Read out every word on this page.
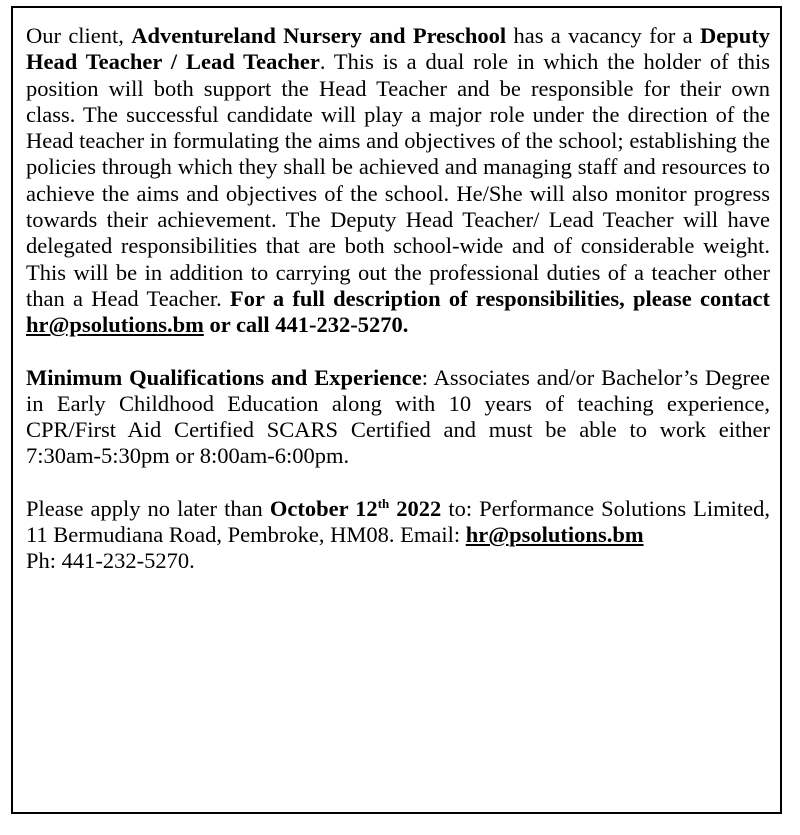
Our client, Adventureland Nursery and Preschool has a vacancy for a Deputy Head Teacher / Lead Teacher. This is a dual role in which the holder of this position will both support the Head Teacher and be responsible for their own class. The successful candidate will play a major role under the direction of the Head teacher in formulating the aims and objectives of the school; establishing the policies through which they shall be achieved and managing staff and resources to achieve the aims and objectives of the school. He/She will also monitor progress towards their achievement. The Deputy Head Teacher/ Lead Teacher will have delegated responsibilities that are both school-wide and of considerable weight. This will be in addition to carrying out the professional duties of a teacher other than a Head Teacher. For a full description of responsibilities, please contact hr@psolutions.bm or call 441-232-5270.

Minimum Qualifications and Experience: Associates and/or Bachelor’s Degree in Early Childhood Education along with 10 years of teaching experience, CPR/First Aid Certified SCARS Certified and must be able to work either 7:30am-5:30pm or 8:00am-6:00pm.

Please apply no later than October 12th 2022 to: Performance Solutions Limited, 11 Bermudiana Road, Pembroke, HM08. Email: hr@psolutions.bm
Ph: 441-232-5270.
